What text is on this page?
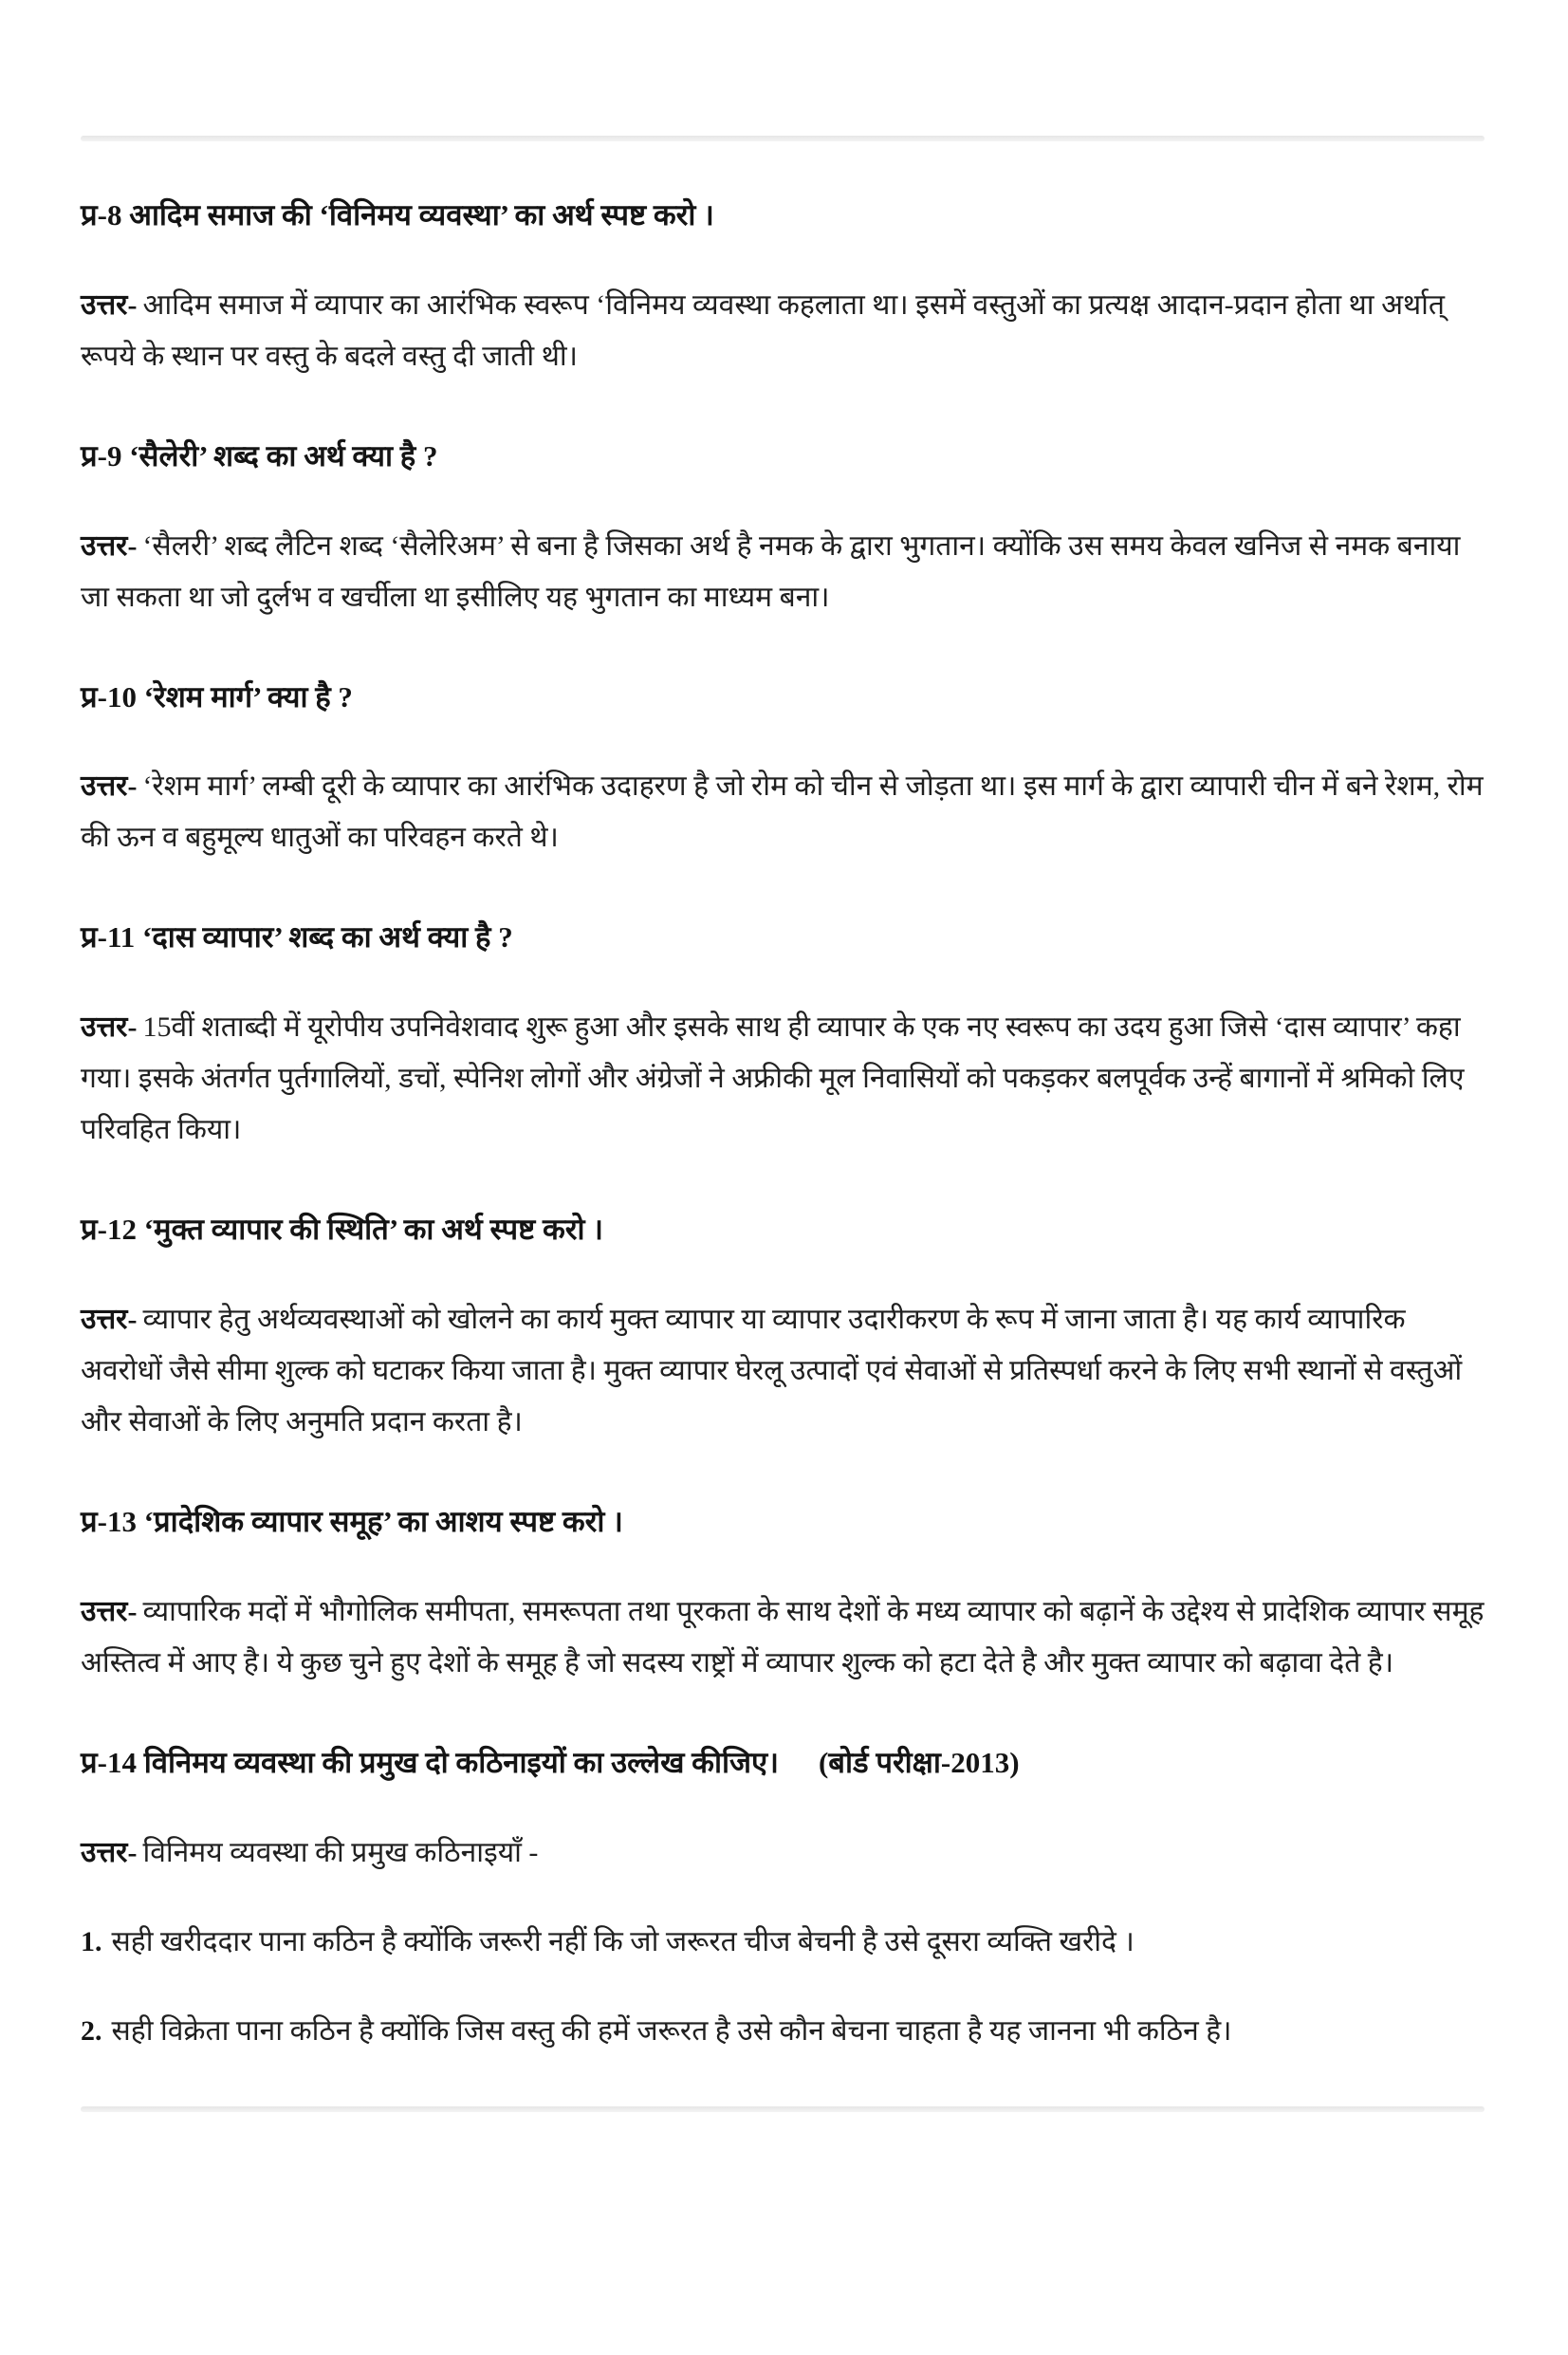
प्र-8 आदिम समाज की ‘विनिमय व्यवस्था’ का अर्थ स्पष्ट करो ।

उत्तर- आदिम समाज में व्यापार का आरंभिक स्वरूप ‘विनिमय व्यवस्था कहलाता था। इसमें वस्तुओं का प्रत्यक्ष आदान-प्रदान होता था अर्थात् रूपये के स्थान पर वस्तु के बदले वस्तु दी जाती थी।

प्र-9 ‘सैलेरी’ शब्द का अर्थ क्या है ?

उत्तर- ‘सैलरी’ शब्द लैटिन शब्द ‘सैलेरिअम’ से बना है जिसका अर्थ है नमक के द्वारा भुगतान। क्योंकि उस समय केवल खनिज से नमक बनाया जा सकता था जो दुर्लभ व खर्चीला था इसीलिए यह भुगतान का माध्यम बना।

प्र-10 ‘रेशम मार्ग’ क्या है ?

उत्तर- ‘रेशम मार्ग’ लम्बी दूरी के व्यापार का आरंभिक उदाहरण है जो रोम को चीन से जोड़ता था। इस मार्ग के द्वारा व्यापारी चीन में बने रेशम, रोम की ऊन व बहुमूल्य धातुओं का परिवहन करते थे।

प्र-11 ‘दास व्यापार’ शब्द का अर्थ क्या है ?

उत्तर- 15वीं शताब्दी में यूरोपीय उपनिवेशवाद शुरू हुआ और इसके साथ ही व्यापार के एक नए स्वरूप का उदय हुआ जिसे ‘दास व्यापार’ कहा गया। इसके अंतर्गत पुर्तगालियों, डचों, स्पेनिश लोगों और अंग्रेजों ने अफ्रीकी मूल निवासियों को पकड़कर बलपूर्वक उन्हें बागानों में श्रमिको लिए परिवहित किया।

प्र-12 ‘मुक्त व्यापार की स्थिति’ का अर्थ स्पष्ट करो ।

उत्तर- व्यापार हेतु अर्थव्यवस्थाओं को खोलने का कार्य मुक्त व्यापार या व्यापार उदारीकरण के रूप में जाना जाता है। यह कार्य व्यापारिक अवरोधों जैसे सीमा शुल्क को घटाकर किया जाता है। मुक्त व्यापार घेरलू उत्पादों एवं सेवाओं से प्रतिस्पर्धा करने के लिए सभी स्थानों से वस्तुओं और सेवाओं के लिए अनुमति प्रदान करता है।

प्र-13 ‘प्रादेशिक व्यापार समूह’ का आशय स्पष्ट करो ।

उत्तर- व्यापारिक मदों में भौगोलिक समीपता, समरूपता तथा पूरकता के साथ देशों के मध्य व्यापार को बढ़ानें के उद्देश्य से प्रादेशिक व्यापार समूह अस्तित्व में आए है। ये कुछ चुने हुए देशों के समूह है जो सदस्य राष्ट्रों में व्यापार शुल्क को हटा देते है और मुक्त व्यापार को बढ़ावा देते है।

प्र-14 विनिमय व्यवस्था की प्रमुख दो कठिनाइयों का उल्लेख कीजिए। (बोर्ड परीक्षा-2013)

उत्तर- विनिमय व्यवस्था की प्रमुख कठिनाइयाँ -

1. सही खरीददार पाना कठिन है क्योंकि जरूरी नहीं कि जो जरूरत चीज बेचनी है उसे दूसरा व्यक्ति खरीदे ।

2. सही विक्रेता पाना कठिन है क्योंकि जिस वस्तु की हमें जरूरत है उसे कौन बेचना चाहता है यह जानना भी कठिन है।
